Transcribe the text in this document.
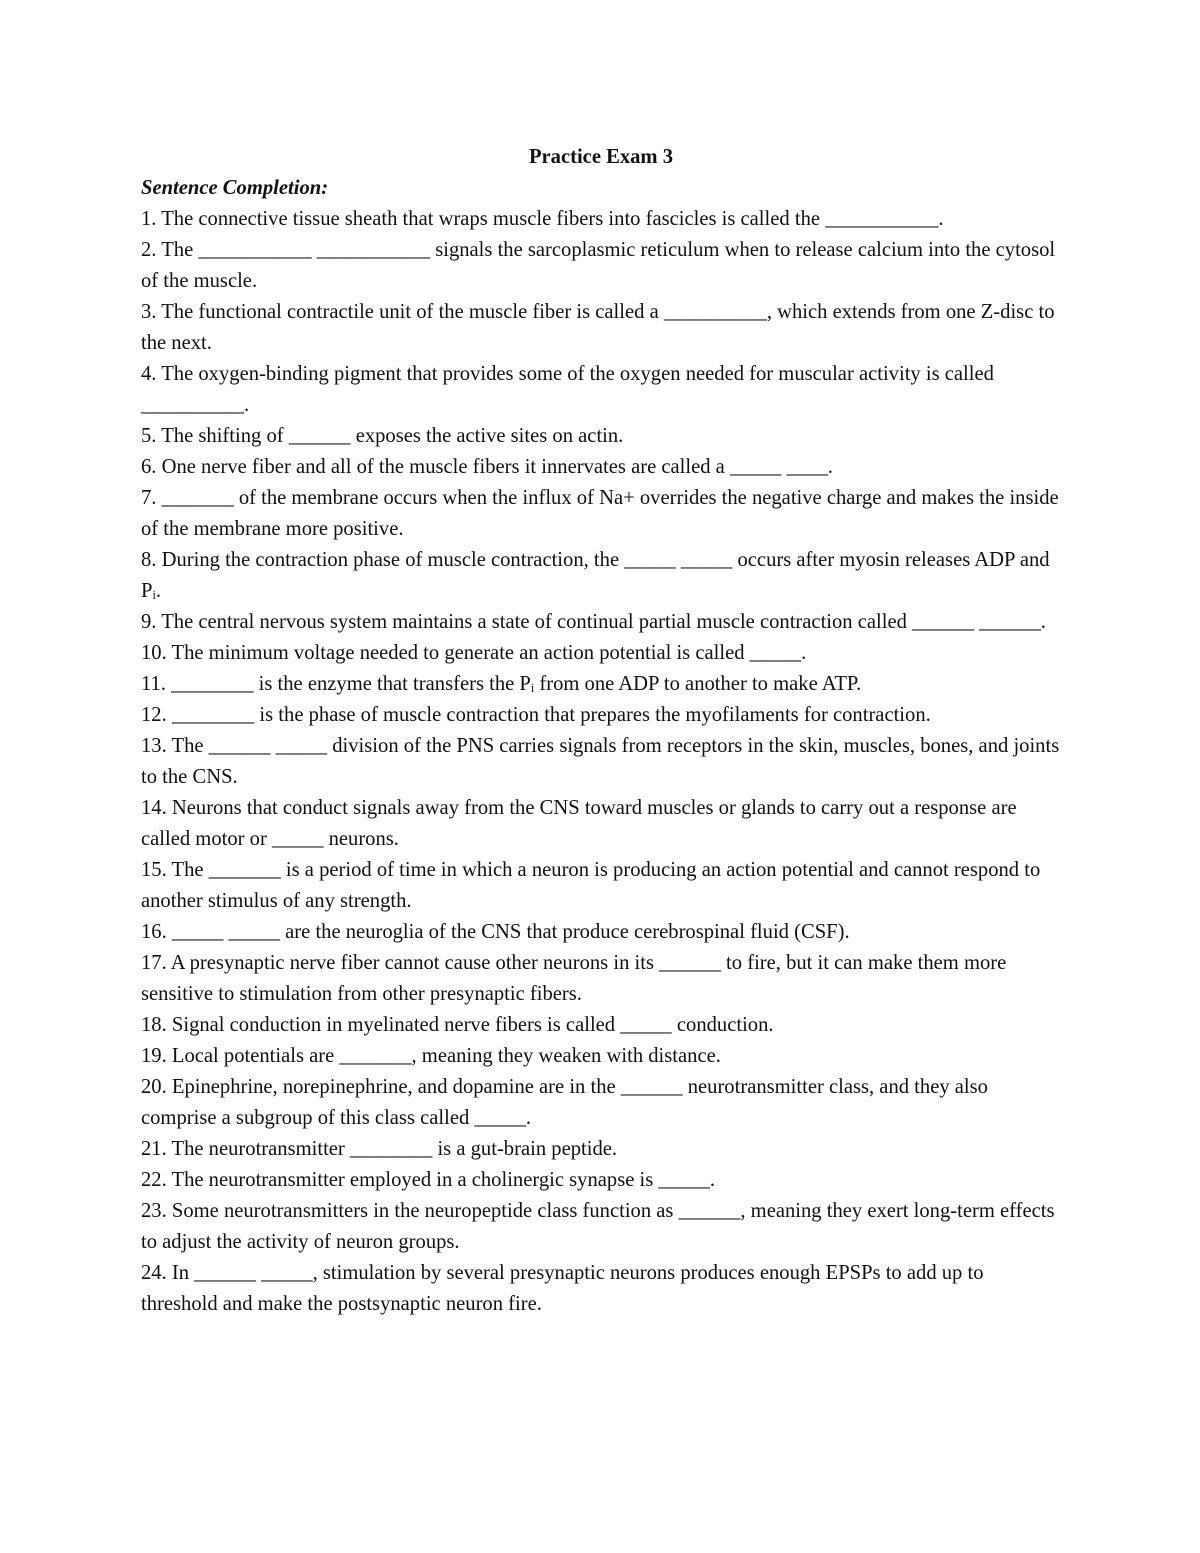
Practice Exam 3
Sentence Completion:
1. The connective tissue sheath that wraps muscle fibers into fascicles is called the ___________.
2. The ___________ ___________ signals the sarcoplasmic reticulum when to release calcium into the cytosol of the muscle.
3. The functional contractile unit of the muscle fiber is called a __________, which extends from one Z-disc to the next.
4. The oxygen-binding pigment that provides some of the oxygen needed for muscular activity is called __________.
5. The shifting of ______ exposes the active sites on actin.
6. One nerve fiber and all of the muscle fibers it innervates are called a _____ ____.
7. _______ of the membrane occurs when the influx of Na+ overrides the negative charge and makes the inside of the membrane more positive.
8. During the contraction phase of muscle contraction, the _____ _____ occurs after myosin releases ADP and Pᵢ.
9. The central nervous system maintains a state of continual partial muscle contraction called ______ ______.
10. The minimum voltage needed to generate an action potential is called _____.
11. ________ is the enzyme that transfers the Pᵢ from one ADP to another to make ATP.
12. ________ is the phase of muscle contraction that prepares the myofilaments for contraction.
13. The ______ _____ division of the PNS carries signals from receptors in the skin, muscles, bones, and joints to the CNS.
14. Neurons that conduct signals away from the CNS toward muscles or glands to carry out a response are called motor or _____ neurons.
15. The _______ is a period of time in which a neuron is producing an action potential and cannot respond to another stimulus of any strength.
16. _____ _____ are the neuroglia of the CNS that produce cerebrospinal fluid (CSF).
17. A presynaptic nerve fiber cannot cause other neurons in its ______ to fire, but it can make them more sensitive to stimulation from other presynaptic fibers.
18. Signal conduction in myelinated nerve fibers is called _____ conduction.
19. Local potentials are _______, meaning they weaken with distance.
20. Epinephrine, norepinephrine, and dopamine are in the ______ neurotransmitter class, and they also comprise a subgroup of this class called _____.
21. The neurotransmitter ________ is a gut-brain peptide.
22. The neurotransmitter employed in a cholinergic synapse is _____.
23. Some neurotransmitters in the neuropeptide class function as ______, meaning they exert long-term effects to adjust the activity of neuron groups.
24. In ______ _____, stimulation by several presynaptic neurons produces enough EPSPs to add up to threshold and make the postsynaptic neuron fire.
